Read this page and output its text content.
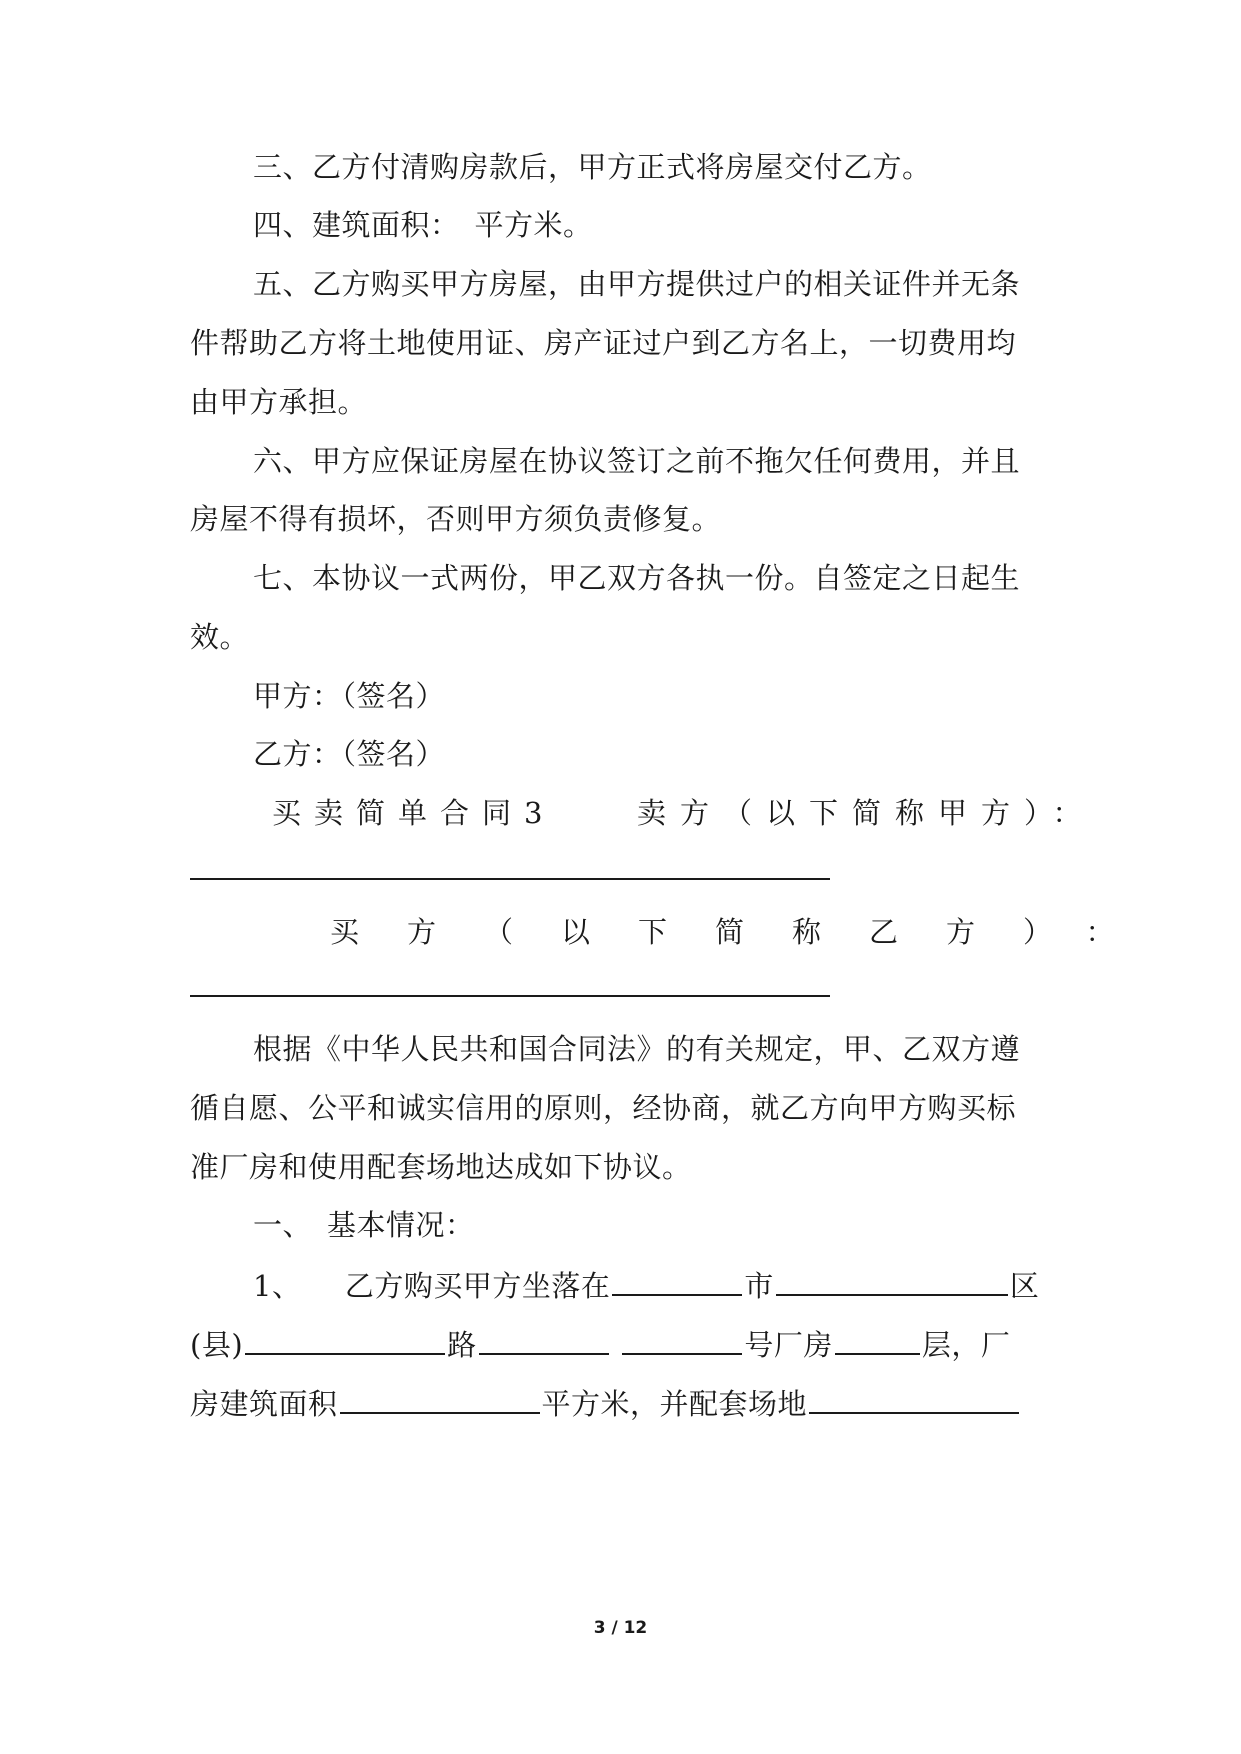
三、乙方付清购房款后，甲方正式将房屋交付乙方。
四、建筑面积：　平方米。
五、乙方购买甲方房屋，由甲方提供过户的相关证件并无条
件帮助乙方将土地使用证、房产证过户到乙方名上，一切费用均
由甲方承担。
六、甲方应保证房屋在协议签订之前不拖欠任何费用，并且
房屋不得有损坏，否则甲方须负责修复。
七、本协议一式两份，甲乙双方各执一份。自签定之日起生
效。
甲方：（签名）
乙方：（签名）
买卖简单合同3	卖方（以下简称甲方）：
买方（以下简称乙方）：
根据《中华人民共和国合同法》的有关规定，甲、乙双方遵
循自愿、公平和诚实信用的原则，经协商，就乙方向甲方购买标
准厂房和使用配套场地达成如下协议。
一、　基本情况：
1、 乙方购买甲方坐落在	市	区
(县)	路	号厂房	层，厂
房建筑面积	平方米，并配套场地
3 / 12
